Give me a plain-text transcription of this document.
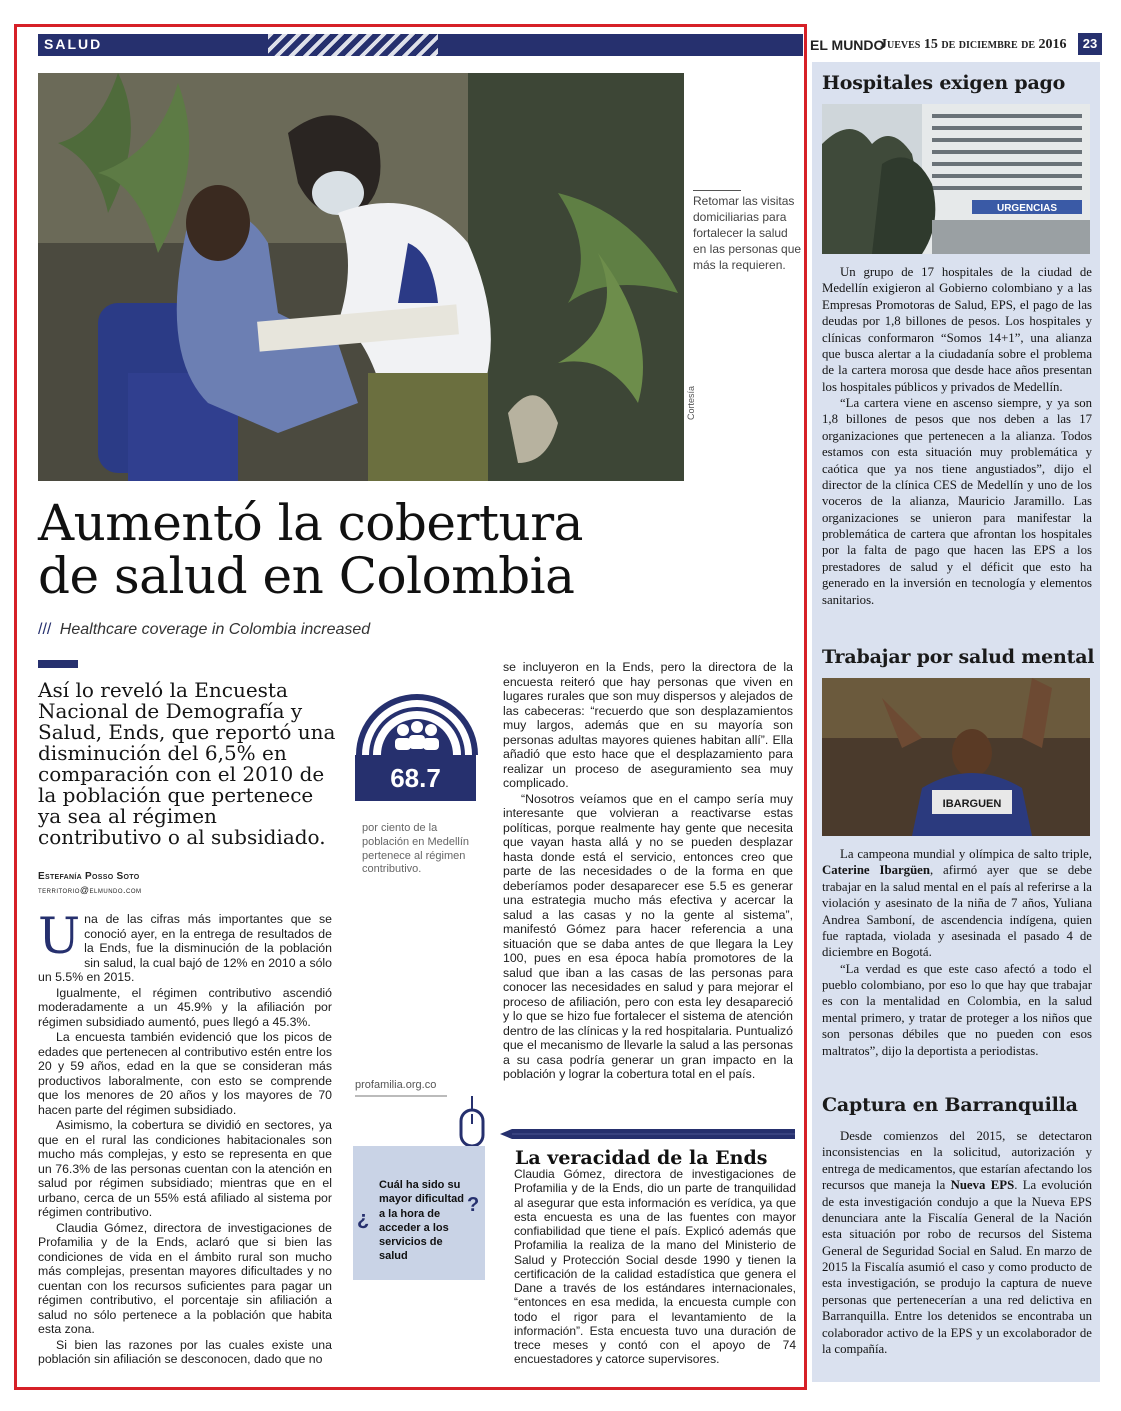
SALUD	EL MUNDO
Jueves 15 de diciembre de 2016	23
Cortesía
Retomar las visitas domiciliarias para fortalecer la salud en las personas que más la requieren.
Aumentó la cobertura
de salud en Colombia
/// Healthcare coverage in Colombia increased
Así lo reveló la Encuesta Nacional de Demografía y Salud, Ends, que reportó una disminución del 6,5% en comparación con el 2010 de la población que pertenece ya sea al régimen contributivo o al subsidiado.
Estefanía Posso Soto
territorio@elmundo.com

Una de las cifras más importantes que se conoció ayer, en la entrega de resultados de la Ends, fue la disminución de la población sin salud, la cual bajó de 12% en 2010 a sólo un 5.5% en 2015.

Igualmente, el régimen contributivo ascendió moderadamente a un 45.9% y la afiliación por régimen subsidiado aumentó, pues llegó a 45.3%.

La encuesta también evidenció que los picos de edades que pertenecen al contributivo estén entre los 20 y 59 años, edad en la que se consideran más productivos laboralmente, con esto se comprende que los menores de 20 años y los mayores de 70 hacen parte del régimen subsidiado.

Asimismo, la cobertura se dividió en sectores, ya que en el rural las condiciones habitacionales son mucho más complejas, y esto se representa en que un 76.3% de las personas cuentan con la atención en salud por régimen subsidiado; mientras que en el urbano, cerca de un 55% está afiliado al sistema por régimen contributivo.

Claudia Gómez, directora de investigaciones de Profamilia y de la Ends, aclaró que si bien las condiciones de vida en el ámbito rural son mucho más complejas, presentan mayores dificultades y no cuentan con los recursos suficientes para pagar un régimen contributivo, el porcentaje sin afiliación a salud no sólo pertenece a la población que habita esta zona.

Si bien las razones por las cuales existe una población sin afiliación se desconocen, dado que no

68.7
por ciento de la población en Medellín pertenece al régimen contributivo.

se incluyeron en la Ends, pero la directora de la encuesta reiteró que hay personas que viven en lugares rurales que son muy dispersos y alejados de las cabeceras: “recuerdo que son desplazamientos muy largos, además que en su mayoría son personas adultas mayores quienes habitan allí”. Ella añadió que esto hace que el desplazamiento para realizar un proceso de aseguramiento sea muy complicado.

“Nosotros veíamos que en el campo sería muy interesante que volvieran a reactivarse estas políticas, porque realmente hay gente que necesita que vayan hasta allá y no se pueden desplazar hasta donde está el servicio, entonces creo que parte de las necesidades o de la forma en que deberíamos poder desaparecer ese 5.5 es generar una estrategia mucho más efectiva y acercar la salud a las casas y no la gente al sistema”, manifestó Gómez para hacer referencia a una situación que se daba antes de que llegara la Ley 100, pues en esa época había promotores de la salud que iban a las casas de las personas para conocer las necesidades en salud y para mejorar el proceso de afiliación, pero con esta ley desapareció y lo que se hizo fue fortalecer el sistema de atención dentro de las clínicas y la red hospitalaria. Puntualizó que el mecanismo de llevarle la salud a las personas a su casa podría generar un gran impacto en la población y lograr la cobertura total en el país.

profamilia.org.co
¿
?
Cuál ha sido su mayor dificultad a la hora de acceder a los servicios de salud
La veracidad de la Ends

Claudia Gómez, directora de investigaciones de Profamilia y de la Ends, dio un parte de tranquilidad al asegurar que esta información es verídica, ya que esta encuesta es una de las fuentes con mayor confiabilidad que tiene el país. Explicó además que Profamilia la realiza de la mano del Ministerio de Salud y Protección Social desde 1990 y tienen la certificación de la calidad estadística que genera el Dane a través de los estándares internacionales, “entonces en esa medida, la encuesta cumple con todo el rigor para el levantamiento de la información”. Esta encuesta tuvo una duración de trece meses y contó con el apoyo de 74 encuestadores y catorce supervisores.

Hospitales exigen pago
URGENCIAS

Un grupo de 17 hospitales de la ciudad de Medellín exigieron al Gobierno colombiano y a las Empresas Promotoras de Salud, EPS, el pago de las deudas por 1,8 billones de pesos. Los hospitales y clínicas conformaron “Somos 14+1”, una alianza que busca alertar a la ciudadanía sobre el problema de la cartera morosa que desde hace años presentan los hospitales públicos y privados de Medellín.

“La cartera viene en ascenso siempre, y ya son 1,8 billones de pesos que nos deben a las 17 organizaciones que pertenecen a la alianza. Todos estamos con esta situación muy problemática y caótica que ya nos tiene angustiados”, dijo el director de la clínica CES de Medellín y uno de los voceros de la alianza, Mauricio Jaramillo. Las organizaciones se unieron para manifestar la problemática de cartera que afrontan los hospitales por la falta de pago que hacen las EPS a los prestadores de salud y el déficit que esto ha generado en la inversión en tecnología y elementos sanitarios.

Trabajar por salud mental
IBARGUEN

La campeona mundial y olímpica de salto triple, Caterine Ibargüen, afirmó ayer que se debe trabajar en la salud mental en el país al referirse a la violación y asesinato de la niña de 7 años, Yuliana Andrea Samboní, de ascendencia indígena, quien fue raptada, violada y asesinada el pasado 4 de diciembre en Bogotá.

“La verdad es que este caso afectó a todo el pueblo colombiano, por eso lo que hay que trabajar es con la mentalidad en Colombia, en la salud mental primero, y tratar de proteger a los niños que son personas débiles que no pueden con esos maltratos”, dijo la deportista a periodistas.

Captura en Barranquilla

Desde comienzos del 2015, se detectaron inconsistencias en la solicitud, autorización y entrega de medicamentos, que estarían afectando los recursos que maneja la Nueva EPS. La evolución de esta investigación condujo a que la Nueva EPS denunciara ante la Fiscalía General de la Nación esta situación por robo de recursos del Sistema General de Seguridad Social en Salud. En marzo de 2015 la Fiscalía asumió el caso y como producto de esta investigación, se produjo la captura de nueve personas que pertenecerían a una red delictiva en Barranquilla. Entre los detenidos se encontraba un colaborador activo de la EPS y un excolaborador de la compañía.
